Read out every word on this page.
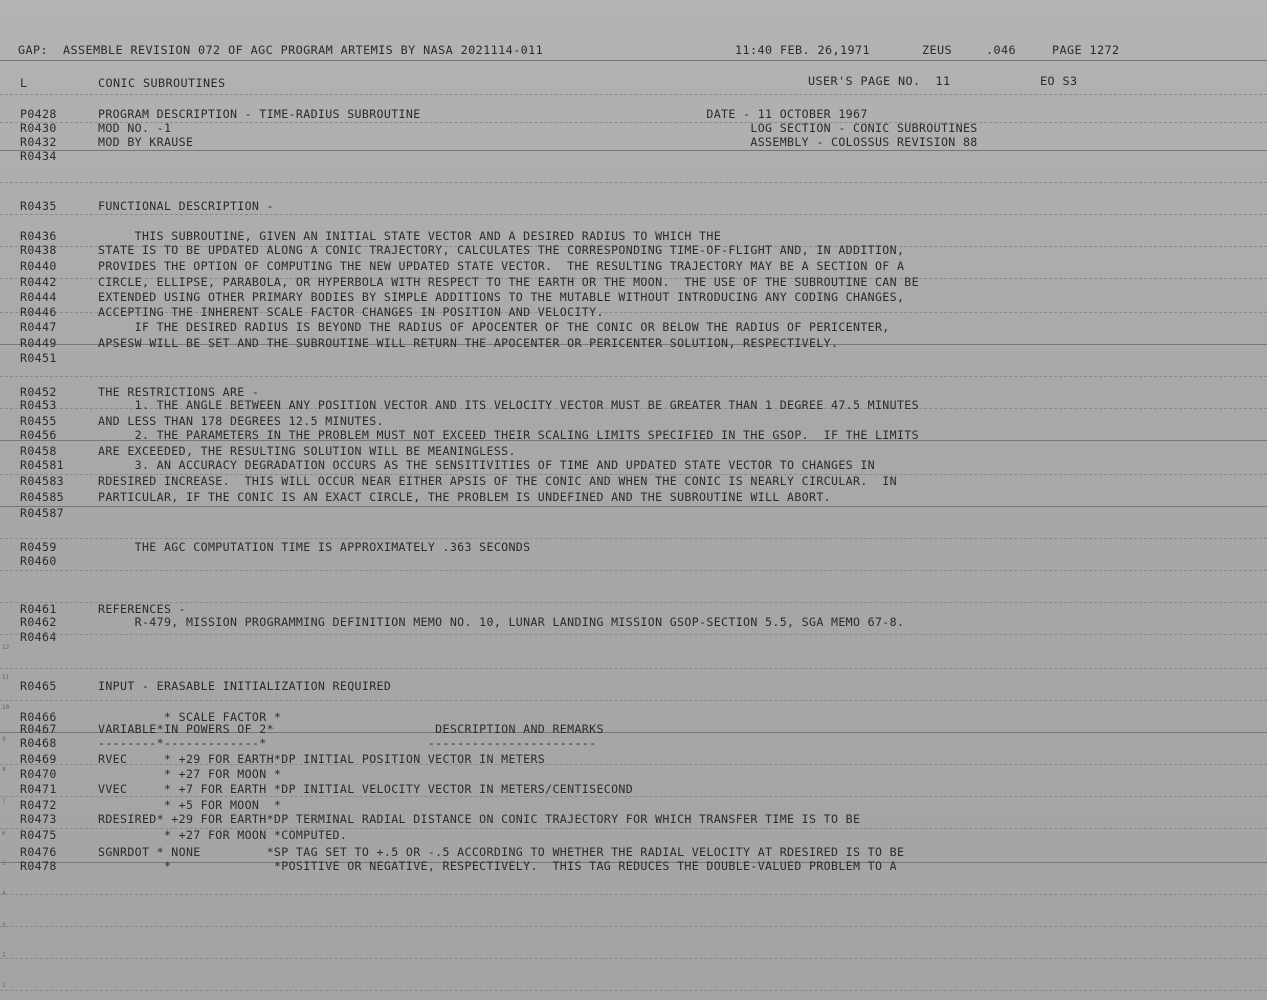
12
11
10
9
8
7
6
5
4
3
2
1
GAP:  ASSEMBLE REVISION 072 OF AGC PROGRAM ARTEMIS BY NASA 2021114-011	11:40 FEB. 26,1971	ZEUS	.046	PAGE 1272
L	CONIC SUBROUTINES	USER'S PAGE NO.  11	EO S3
P0428	PROGRAM DESCRIPTION - TIME-RADIUS SUBROUTINE                                       DATE - 11 OCTOBER 1967
R0430	MOD NO. -1                                                                               LOG SECTION - CONIC SUBROUTINES
R0432	MOD BY KRAUSE                                                                            ASSEMBLY - COLOSSUS REVISION 88
R0434
R0435	FUNCTIONAL DESCRIPTION -
R0436	THIS SUBROUTINE, GIVEN AN INITIAL STATE VECTOR AND A DESIRED RADIUS TO WHICH THE
R0438	STATE IS TO BE UPDATED ALONG A CONIC TRAJECTORY, CALCULATES THE CORRESPONDING TIME-OF-FLIGHT AND, IN ADDITION,
R0440	PROVIDES THE OPTION OF COMPUTING THE NEW UPDATED STATE VECTOR.  THE RESULTING TRAJECTORY MAY BE A SECTION OF A
R0442	CIRCLE, ELLIPSE, PARABOLA, OR HYPERBOLA WITH RESPECT TO THE EARTH OR THE MOON.  THE USE OF THE SUBROUTINE CAN BE
R0444	EXTENDED USING OTHER PRIMARY BODIES BY SIMPLE ADDITIONS TO THE MUTABLE WITHOUT INTRODUCING ANY CODING CHANGES,
R0446	ACCEPTING THE INHERENT SCALE FACTOR CHANGES IN POSITION AND VELOCITY.
R0447	IF THE DESIRED RADIUS IS BEYOND THE RADIUS OF APOCENTER OF THE CONIC OR BELOW THE RADIUS OF PERICENTER,
R0449	APSESW WILL BE SET AND THE SUBROUTINE WILL RETURN THE APOCENTER OR PERICENTER SOLUTION, RESPECTIVELY.
R0451
R0452	THE RESTRICTIONS ARE -
R0453	1. THE ANGLE BETWEEN ANY POSITION VECTOR AND ITS VELOCITY VECTOR MUST BE GREATER THAN 1 DEGREE 47.5 MINUTES
R0455	AND LESS THAN 178 DEGREES 12.5 MINUTES.
R0456	2. THE PARAMETERS IN THE PROBLEM MUST NOT EXCEED THEIR SCALING LIMITS SPECIFIED IN THE GSOP.  IF THE LIMITS
R0458	ARE EXCEEDED, THE RESULTING SOLUTION WILL BE MEANINGLESS.
R04581	3. AN ACCURACY DEGRADATION OCCURS AS THE SENSITIVITIES OF TIME AND UPDATED STATE VECTOR TO CHANGES IN
R04583	RDESIRED INCREASE.  THIS WILL OCCUR NEAR EITHER APSIS OF THE CONIC AND WHEN THE CONIC IS NEARLY CIRCULAR.  IN
R04585	PARTICULAR, IF THE CONIC IS AN EXACT CIRCLE, THE PROBLEM IS UNDEFINED AND THE SUBROUTINE WILL ABORT.
R04587
R0459	THE AGC COMPUTATION TIME IS APPROXIMATELY .363 SECONDS
R0460
R0461	REFERENCES -
R0462	R-479, MISSION PROGRAMMING DEFINITION MEMO NO. 10, LUNAR LANDING MISSION GSOP-SECTION 5.5, SGA MEMO 67-8.
R0464
R0465	INPUT - ERASABLE INITIALIZATION REQUIRED
R0466	* SCALE FACTOR *
R0467	VARIABLE*IN POWERS OF 2*                      DESCRIPTION AND REMARKS
R0468	--------*-------------*                      -----------------------
R0469	RVEC     * +29 FOR EARTH*DP INITIAL POSITION VECTOR IN METERS
R0470	* +27 FOR MOON *
R0471	VVEC     * +7 FOR EARTH *DP INITIAL VELOCITY VECTOR IN METERS/CENTISECOND
R0472	* +5 FOR MOON  *
R0473	RDESIRED* +29 FOR EARTH*DP TERMINAL RADIAL DISTANCE ON CONIC TRAJECTORY FOR WHICH TRANSFER TIME IS TO BE
R0475	* +27 FOR MOON *COMPUTED.
R0476	SGNRDOT * NONE         *SP TAG SET TO +.5 OR -.5 ACCORDING TO WHETHER THE RADIAL VELOCITY AT RDESIRED IS TO BE
R0478	*              *POSITIVE OR NEGATIVE, RESPECTIVELY.  THIS TAG REDUCES THE DOUBLE-VALUED PROBLEM TO A
